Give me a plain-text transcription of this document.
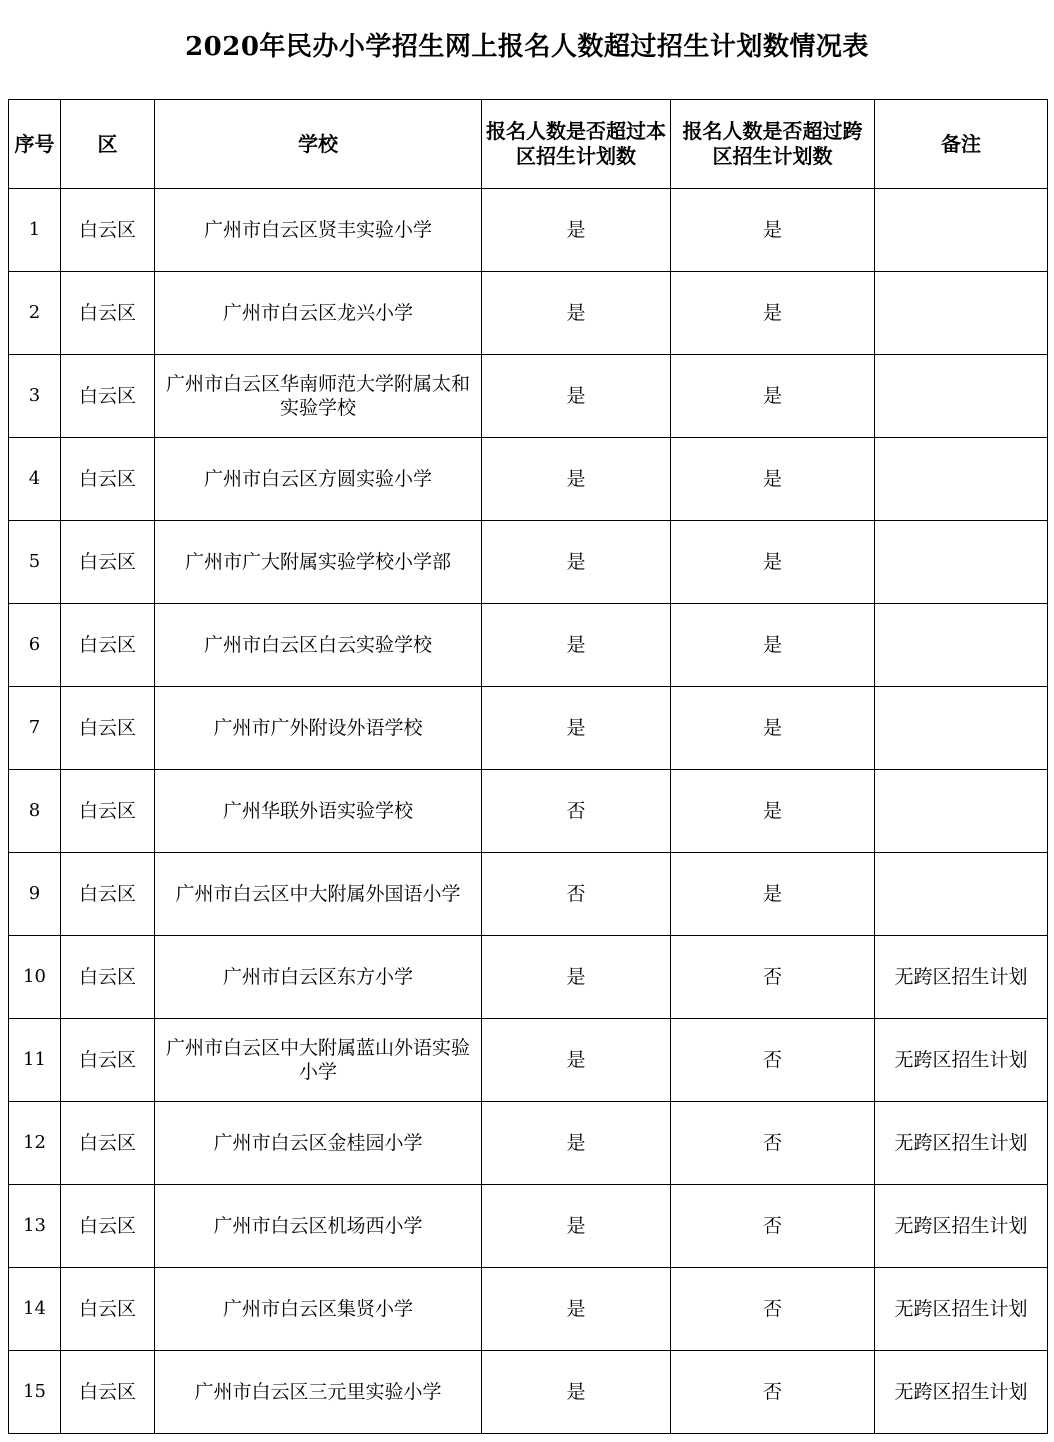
2020年民办小学招生网上报名人数超过招生计划数情况表
序号	区	学校	报名人数是否超过本区招生计划数	报名人数是否超过跨区招生计划数	备注
1	白云区	广州市白云区贤丰实验小学	是	是	
2	白云区	广州市白云区龙兴小学	是	是	
3	白云区	广州市白云区华南师范大学附属太和实验学校	是	是	
4	白云区	广州市白云区方圆实验小学	是	是	
5	白云区	广州市广大附属实验学校小学部	是	是	
6	白云区	广州市白云区白云实验学校	是	是	
7	白云区	广州市广外附设外语学校	是	是	
8	白云区	广州华联外语实验学校	否	是	
9	白云区	广州市白云区中大附属外国语小学	否	是	
10	白云区	广州市白云区东方小学	是	否	无跨区招生计划
11	白云区	广州市白云区中大附属蓝山外语实验小学	是	否	无跨区招生计划
12	白云区	广州市白云区金桂园小学	是	否	无跨区招生计划
13	白云区	广州市白云区机场西小学	是	否	无跨区招生计划
14	白云区	广州市白云区集贤小学	是	否	无跨区招生计划
15	白云区	广州市白云区三元里实验小学	是	否	无跨区招生计划
